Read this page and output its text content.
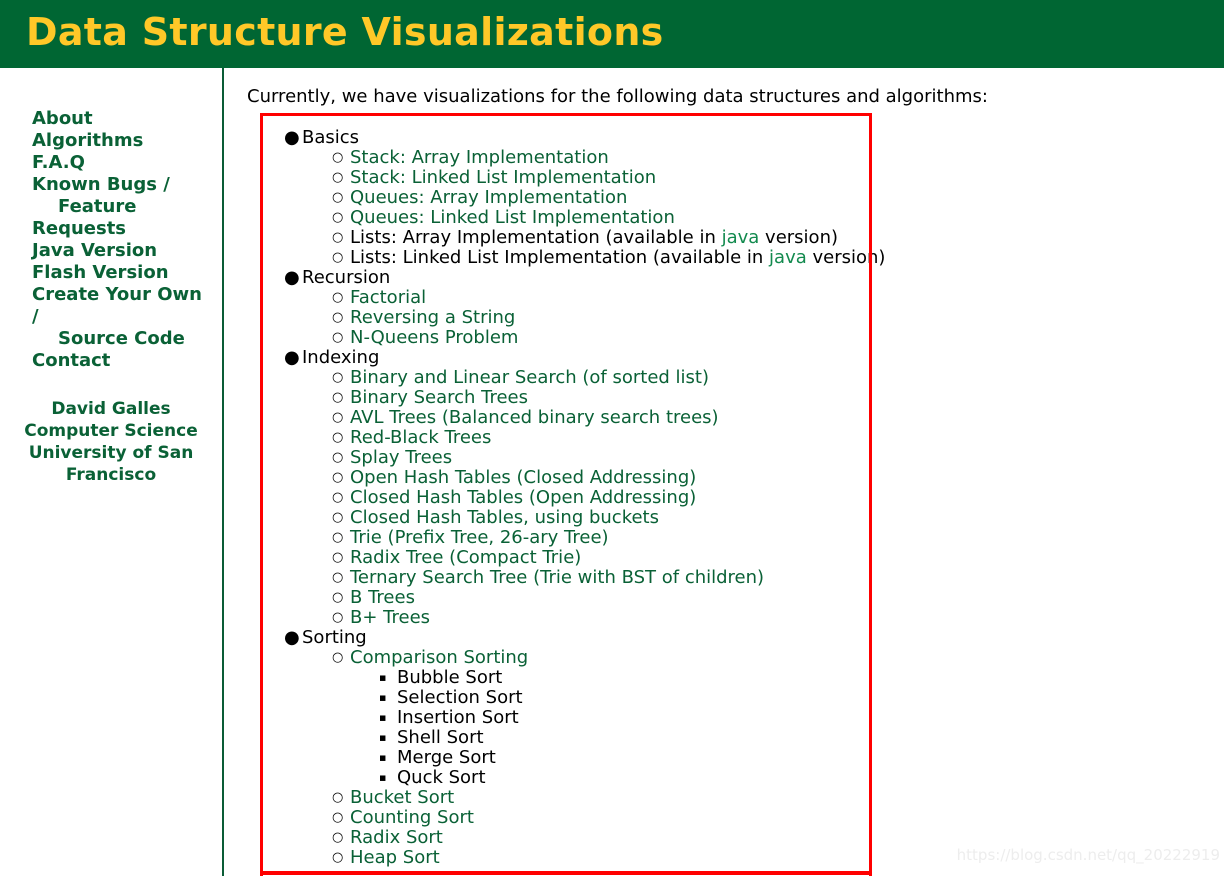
Data Structure Visualizations
About
Algorithms
F.A.Q
Known Bugs /
Feature
Requests
Java Version
Flash Version
Create Your Own
/
Source Code
Contact
David Galles
Computer Science
University of San
Francisco
Currently, we have visualizations for the following data structures and algorithms:
● Basics
○ Stack: Array Implementation
○ Stack: Linked List Implementation
○ Queues: Array Implementation
○ Queues: Linked List Implementation
○ Lists: Array Implementation (available in java version)
○ Lists: Linked List Implementation (available in java version)
● Recursion
○ Factorial
○ Reversing a String
○ N-Queens Problem
● Indexing
○ Binary and Linear Search (of sorted list)
○ Binary Search Trees
○ AVL Trees (Balanced binary search trees)
○ Red-Black Trees
○ Splay Trees
○ Open Hash Tables (Closed Addressing)
○ Closed Hash Tables (Open Addressing)
○ Closed Hash Tables, using buckets
○ Trie (Prefix Tree, 26-ary Tree)
○ Radix Tree (Compact Trie)
○ Ternary Search Tree (Trie with BST of children)
○ B Trees
○ B+ Trees
● Sorting
○ Comparison Sorting
▪ Bubble Sort
▪ Selection Sort
▪ Insertion Sort
▪ Shell Sort
▪ Merge Sort
▪ Quck Sort
○ Bucket Sort
○ Counting Sort
○ Radix Sort
○ Heap Sort	https://blog.csdn.net/qq_20222919
